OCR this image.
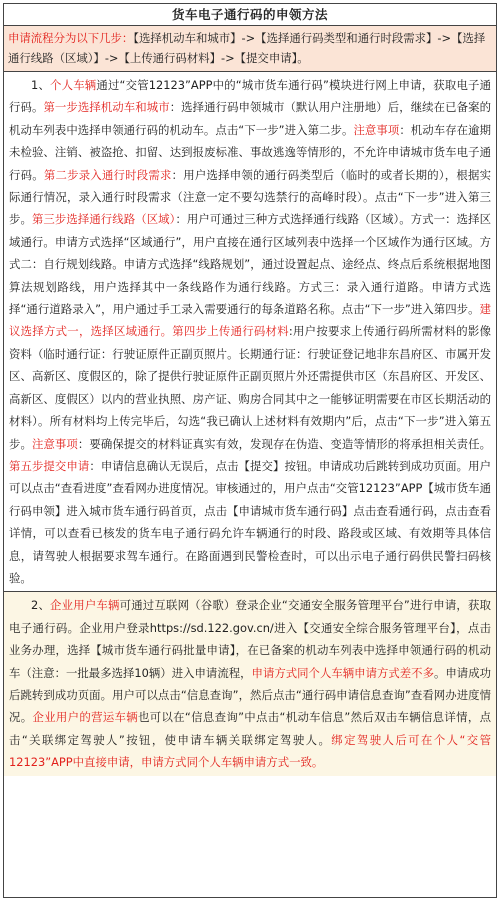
货车电子通行码的申领方法
申请流程分为以下几步：【选择机动车和城市】->【选择通行码类型和通行时段需求】->【选择通行线路（区域）】->【上传通行码材料】->【提交申请】。

1、个人车辆通过“交管12123”APP中的“城市货车通行码”模块进行网上申请，获取电子通行码。第一步选择机动车和城市：选择通行码申领城市（默认用户注册地）后，继续在已备案的机动车列表中选择申领通行码的机动车。点击“下一步”进入第二步。注意事项：机动车存在逾期未检验、注销、被盗抢、扣留、达到报废标准、事故逃逸等情形的，不允许申请城市货车电子通行码。第二步录入通行时段需求：用户选择申领的通行码类型后（临时的或者长期的），根据实际通行情况，录入通行时段需求（注意一定不要勾选禁行的高峰时段）。点击“下一步”进入第三步。第三步选择通行线路（区域）：用户可通过三种方式选择通行线路（区域）。方式一：选择区域通行。申请方式选择“区域通行”，用户直接在通行区域列表中选择一个区域作为通行区域。方式二：自行规划线路。申请方式选择“线路规划”，通过设置起点、途经点、终点后系统根据地图算法规划路线，用户选择其中一条线路作为通行线路。方式三：录入通行道路。申请方式选择“通行道路录入”，用户通过手工录入需要通行的每条道路名称。点击“下一步”进入第四步。建议选择方式一，选择区域通行。第四步上传通行码材料:用户按要求上传通行码所需材料的影像资料（临时通行证：行驶证原件正副页照片。长期通行证：行驶证登记地非东昌府区、市属开发区、高新区、度假区的，除了提供行驶证原件正副页照片外还需提供市区（东昌府区、开发区、高新区、度假区）以内的营业执照、房产证、购房合同其中之一能够证明需要在市区长期活动的材料）。所有材料均上传完毕后，勾选“我已确认上述材料有效期内”后，点击“下一步”进入第五步。注意事项：要确保提交的材料证真实有效，发现存在伪造、变造等情形的将承担相关责任。第五步提交申请：申请信息确认无误后，点击【提交】按钮。申请成功后跳转到成功页面。用户可以点击“查看进度”查看网办进度情况。审核通过的，用户点击“交管12123”APP【城市货车通行码申领】进入城市货车通行码首页，点击【申请城市货车通行码】点击查看通行码，点击查看详情，可以查看已核发的货车电子通行码允许车辆通行的时段、路段或区域、有效期等具体信息，请驾驶人根据要求驾车通行。在路面遇到民警检查时，可以出示电子通行码供民警扫码核验。

2、企业用户车辆可通过互联网（谷歌）登录企业“交通安全服务管理平台”进行申请，获取电子通行码。企业用户登录https://sd.122.gov.cn/进入【交通安全综合服务管理平台】，点击业务办理，选择【城市货车通行码批量申请】，在已备案的机动车列表中选择申领通行码的机动车（注意：一批最多选择10辆）进入申请流程，申请方式同个人车辆申请方式差不多。申请成功后跳转到成功页面。用户可以点击“信息查询”，然后点击“通行码申请信息查询”查看网办进度情况。企业用户的营运车辆也可以在“信息查询”中点击“机动车信息”然后双击车辆信息详情，点击“关联绑定驾驶人”按钮，使申请车辆关联绑定驾驶人。绑定驾驶人后可在个人“交管12123”APP中直接申请，申请方式同个人车辆申请方式一致。
